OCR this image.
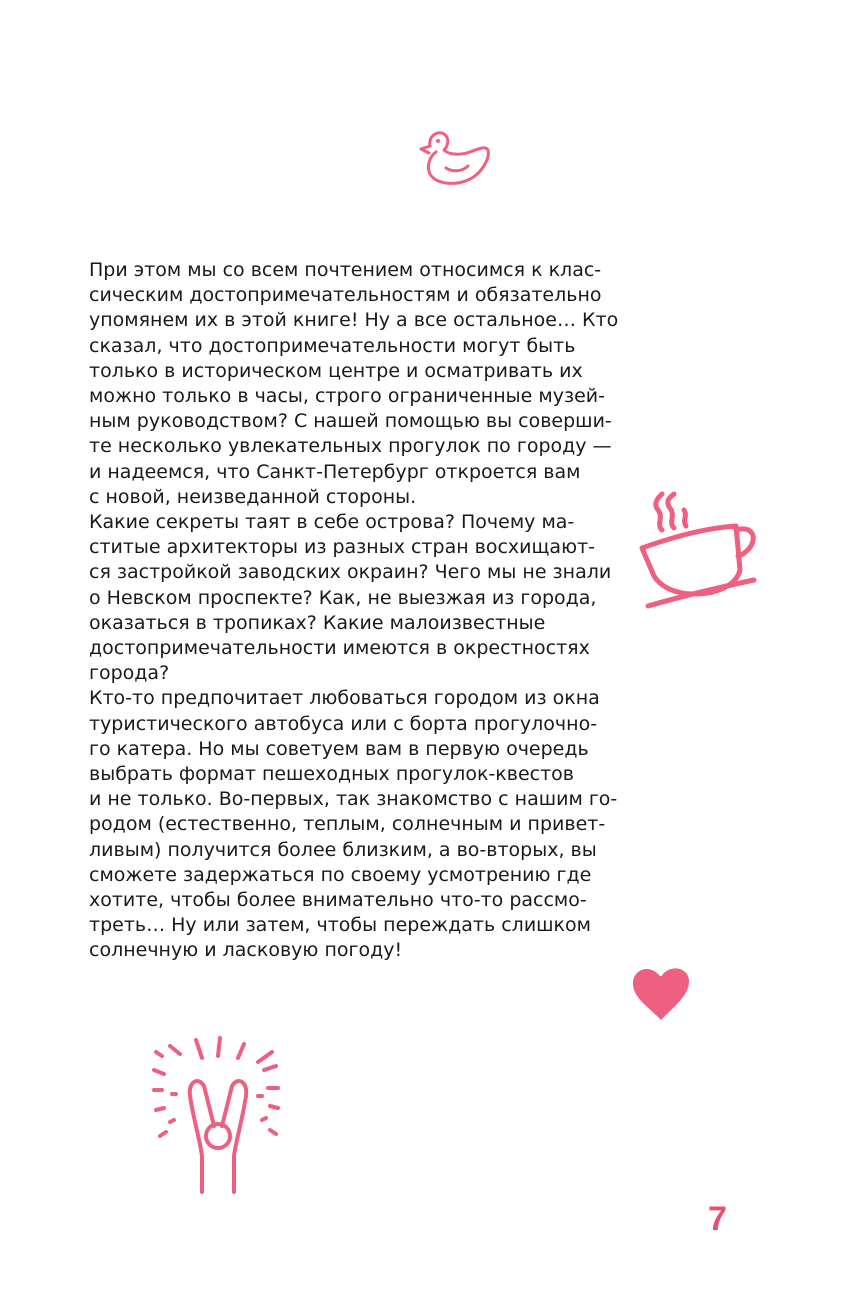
При этом мы со всем почтением относимся к клас-
сическим достопримечательностям и обязательно
упомянем их в этой книге! Ну а все остальное… Кто
сказал, что достопримечательности могут быть
только в историческом центре и осматривать их
можно только в часы, строго ограниченные музей-
ным руководством? С нашей помощью вы соверши-
те несколько увлекательных прогулок по городу —
и надеемся, что Санкт-Петербург откроется вам
с новой, неизведанной стороны.
Какие секреты таят в себе острова? Почему ма-
ститые архитекторы из разных стран восхищают-
ся застройкой заводских окраин? Чего мы не знали
о Невском проспекте? Как, не выезжая из города,
оказаться в тропиках? Какие малоизвестные
достопримечательности имеются в окрестностях
города?
Кто-то предпочитает любоваться городом из окна
туристического автобуса или с борта прогулочно-
го катера. Но мы советуем вам в первую очередь
выбрать формат пешеходных прогулок-квестов
и не только. Во-первых, так знакомство с нашим го-
родом (естественно, теплым, солнечным и привет-
ливым) получится более близким, а во-вторых, вы
сможете задержаться по своему усмотрению где
хотите, чтобы более внимательно что-то рассмо-
треть… Ну или затем, чтобы переждать слишком
солнечную и ласковую погоду!
7
